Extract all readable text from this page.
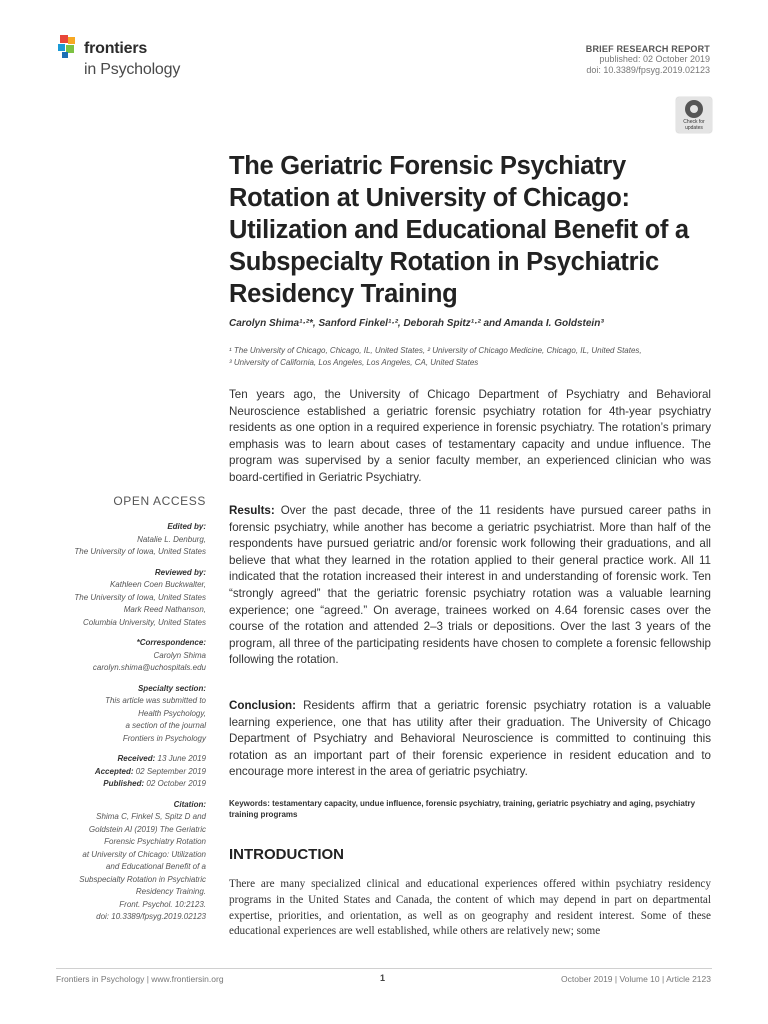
frontiers
in Psychology
BRIEF RESEARCH REPORT
published: 02 October 2019
doi: 10.3389/fpsyg.2019.02123
Check for updates
The Geriatric Forensic Psychiatry Rotation at University of Chicago: Utilization and Educational Benefit of a Subspecialty Rotation in Psychiatric Residency Training
Carolyn Shima¹·²*, Sanford Finkel¹·², Deborah Spitz¹·² and Amanda I. Goldstein³
¹ The University of Chicago, Chicago, IL, United States, ² University of Chicago Medicine, Chicago, IL, United States,
³ University of California, Los Angeles, Los Angeles, CA, United States

Ten years ago, the University of Chicago Department of Psychiatry and Behavioral Neuroscience established a geriatric forensic psychiatry rotation for 4th-year psychiatry residents as one option in a required experience in forensic psychiatry. The rotation’s primary emphasis was to learn about cases of testamentary capacity and undue influence. The program was supervised by a senior faculty member, an experienced clinician who was board-certified in Geriatric Psychiatry.

Results: Over the past decade, three of the 11 residents have pursued career paths in forensic psychiatry, while another has become a geriatric psychiatrist. More than half of the respondents have pursued geriatric and/or forensic work following their graduations, and all believe that what they learned in the rotation applied to their general practice work. All 11 indicated that the rotation increased their interest in and understanding of forensic work. Ten “strongly agreed” that the geriatric forensic psychiatry rotation was a valuable learning experience; one “agreed.” On average, trainees worked on 4.64 forensic cases over the course of the rotation and attended 2–3 trials or depositions. Over the last 3 years of the program, all three of the participating residents have chosen to complete a forensic fellowship following the rotation.

Conclusion: Residents affirm that a geriatric forensic psychiatry rotation is a valuable learning experience, one that has utility after their graduation. The University of Chicago Department of Psychiatry and Behavioral Neuroscience is committed to continuing this rotation as an important part of their forensic experience in resident education and to encourage more interest in the area of geriatric psychiatry.

Keywords: testamentary capacity, undue influence, forensic psychiatry, training, geriatric psychiatry and aging, psychiatry training programs
INTRODUCTION

There are many specialized clinical and educational experiences offered within psychiatry residency programs in the United States and Canada, the content of which may depend in part on departmental expertise, priorities, and orientation, as well as on geography and resident interest. Some of these educational experiences are well established, while others are relatively new; some

OPEN ACCESS
Edited by:
Natalie L. Denburg,
The University of Iowa, United States
Reviewed by:
Kathleen Coen Buckwalter,
The University of Iowa, United States
Mark Reed Nathanson,
Columbia University, United States
*Correspondence:
Carolyn Shima
carolyn.shima@uchospitals.edu
Specialty section:
This article was submitted to
Health Psychology,
a section of the journal
Frontiers in Psychology
Received: 13 June 2019
Accepted: 02 September 2019
Published: 02 October 2019
Citation:
Shima C, Finkel S, Spitz D and
Goldstein AI (2019) The Geriatric
Forensic Psychiatry Rotation
at University of Chicago: Utilization
and Educational Benefit of a
Subspecialty Rotation in Psychiatric
Residency Training.
Front. Psychol. 10:2123.
doi: 10.3389/fpsyg.2019.02123
Frontiers in Psychology | www.frontiersin.org	1	October 2019 | Volume 10 | Article 2123
